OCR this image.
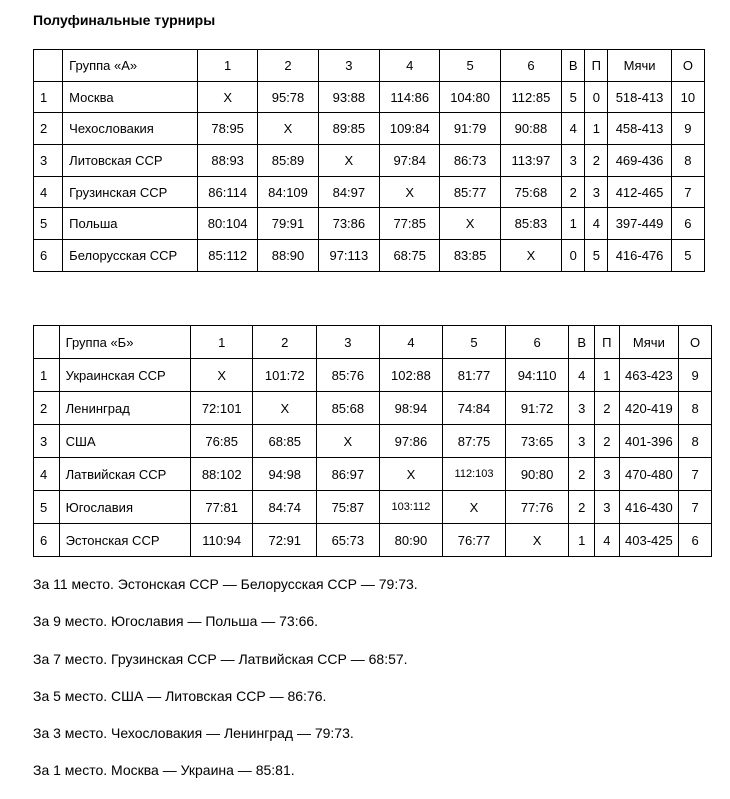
Полуфинальные турниры
	Группа «А»	1	2	3	4	5	6	В	П	Мячи	О
1	Москва	X	95:78	93:88	114:86	104:80	112:85	5	0	518-413	10
2	Чехословакия	78:95	X	89:85	109:84	91:79	90:88	4	1	458-413	9
3	Литовская ССР	88:93	85:89	X	97:84	86:73	113:97	3	2	469-436	8
4	Грузинская ССР	86:114	84:109	84:97	X	85:77	75:68	2	3	412-465	7
5	Польша	80:104	79:91	73:86	77:85	X	85:83	1	4	397-449	6
6	Белорусская ССР	85:112	88:90	97:113	68:75	83:85	X	0	5	416-476	5
	Группа «Б»	1	2	3	4	5	6	В	П	Мячи	О
1	Украинская ССР	X	101:72	85:76	102:88	81:77	94:110	4	1	463-423	9
2	Ленинград	72:101	X	85:68	98:94	74:84	91:72	3	2	420-419	8
3	США	76:85	68:85	X	97:86	87:75	73:65	3	2	401-396	8
4	Латвийская ССР	88:102	94:98	86:97	X	112:103	90:80	2	3	470-480	7
5	Югославия	77:81	84:74	75:87	103:112	X	77:76	2	3	416-430	7
6	Эстонская ССР	110:94	72:91	65:73	80:90	76:77	X	1	4	403-425	6
За 11 место. Эстонская ССР — Белорусская ССР — 79:73.
За 9 место. Югославия — Польша — 73:66.
За 7 место. Грузинская ССР — Латвийская ССР — 68:57.
За 5 место. США — Литовская ССР — 86:76.
За 3 место. Чехословакия — Ленинград — 79:73.
За 1 место. Москва — Украина — 85:81.
